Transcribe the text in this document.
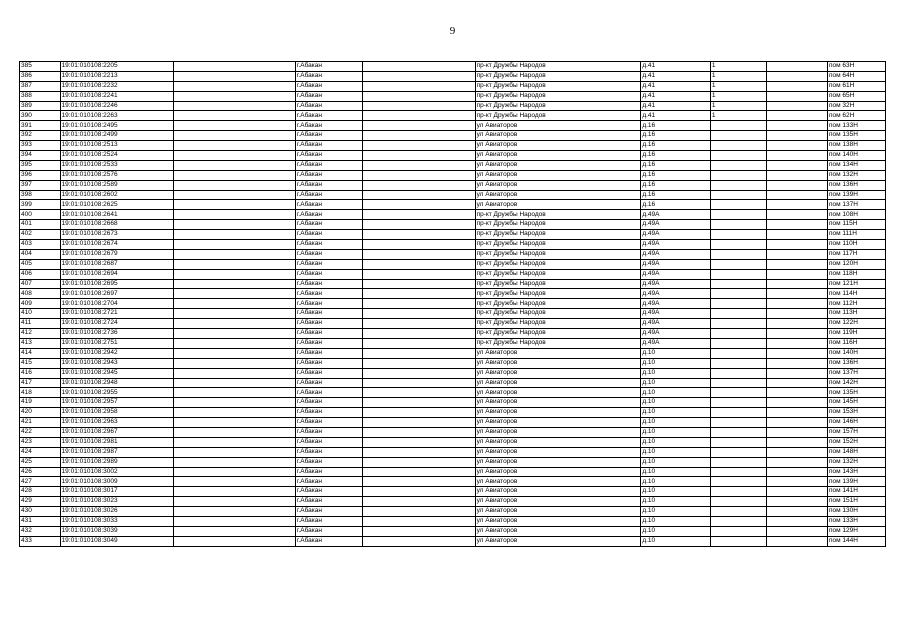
9
385	19:01:010108:2205		г.Абакан		пр-кт Дружбы Народов	д.41	1		пом 63Н
386	19:01:010108:2213		г.Абакан		пр-кт Дружбы Народов	д.41	1		пом 64Н
387	19:01:010108:2232		г.Абакан		пр-кт Дружбы Народов	д.41	1		пом 61Н
388	19:01:010108:2241		г.Абакан		пр-кт Дружбы Народов	д.41	1		пом 65Н
389	19:01:010108:2246		г.Абакан		пр-кт Дружбы Народов	д.41	1		пом 32Н
390	19:01:010108:2263		г.Абакан		пр-кт Дружбы Народов	д.41	1		пом 62Н
391	19:01:010108:2495		г.Абакан		ул Авиаторов	д.16			пом 133Н
392	19:01:010108:2499		г.Абакан		ул Авиаторов	д.16			пом 135Н
393	19:01:010108:2513		г.Абакан		ул Авиаторов	д.16			пом 138Н
394	19:01:010108:2524		г.Абакан		ул Авиаторов	д.16			пом 140Н
395	19:01:010108:2533		г.Абакан		ул Авиаторов	д.16			пом 134Н
396	19:01:010108:2576		г.Абакан		ул Авиаторов	д.16			пом 132Н
397	19:01:010108:2589		г.Абакан		ул Авиаторов	д.16			пом 136Н
398	19:01:010108:2602		г.Абакан		ул Авиаторов	д.16			пом 139Н
399	19:01:010108:2625		г.Абакан		ул Авиаторов	д.16			пом 137Н
400	19:01:010108:2641		г.Абакан		пр-кт Дружбы Народов	д.49А			пом 108Н
401	19:01:010108:2668		г.Абакан		пр-кт Дружбы Народов	д.49А			пом 115Н
402	19:01:010108:2673		г.Абакан		пр-кт Дружбы Народов	д.49А			пом 111Н
403	19:01:010108:2674		г.Абакан		пр-кт Дружбы Народов	д.49А			пом 110Н
404	19:01:010108:2679		г.Абакан		пр-кт Дружбы Народов	д.49А			пом 117Н
405	19:01:010108:2687		г.Абакан		пр-кт Дружбы Народов	д.49А			пом 120Н
406	19:01:010108:2694		г.Абакан		пр-кт Дружбы Народов	д.49А			пом 118Н
407	19:01:010108:2695		г.Абакан		пр-кт Дружбы Народов	д.49А			пом 121Н
408	19:01:010108:2697		г.Абакан		пр-кт Дружбы Народов	д.49А			пом 114Н
409	19:01:010108:2704		г.Абакан		пр-кт Дружбы Народов	д.49А			пом 112Н
410	19:01:010108:2721		г.Абакан		пр-кт Дружбы Народов	д.49А			пом 113Н
411	19:01:010108:2724		г.Абакан		пр-кт Дружбы Народов	д.49А			пом 122Н
412	19:01:010108:2736		г.Абакан		пр-кт Дружбы Народов	д.49А			пом 119Н
413	19:01:010108:2751		г.Абакан		пр-кт Дружбы Народов	д.49А			пом 116Н
414	19:01:010108:2942		г.Абакан		ул Авиаторов	д.10			пом 140Н
415	19:01:010108:2943		г.Абакан		ул Авиаторов	д.10			пом 136Н
416	19:01:010108:2945		г.Абакан		ул Авиаторов	д.10			пом 137Н
417	19:01:010108:2948		г.Абакан		ул Авиаторов	д.10			пом 142Н
418	19:01:010108:2955		г.Абакан		ул Авиаторов	д.10			пом 135Н
419	19:01:010108:2957		г.Абакан		ул Авиаторов	д.10			пом 145Н
420	19:01:010108:2958		г.Абакан		ул Авиаторов	д.10			пом 153Н
421	19:01:010108:2963		г.Абакан		ул Авиаторов	д.10			пом 146Н
422	19:01:010108:2967		г.Абакан		ул Авиаторов	д.10			пом 157Н
423	19:01:010108:2981		г.Абакан		ул Авиаторов	д.10			пом 152Н
424	19:01:010108:2987		г.Абакан		ул Авиаторов	д.10			пом 148Н
425	19:01:010108:2989		г.Абакан		ул Авиаторов	д.10			пом 132Н
426	19:01:010108:3002		г.Абакан		ул Авиаторов	д.10			пом 143Н
427	19:01:010108:3009		г.Абакан		ул Авиаторов	д.10			пом 139Н
428	19:01:010108:3017		г.Абакан		ул Авиаторов	д.10			пом 141Н
429	19:01:010108:3023		г.Абакан		ул Авиаторов	д.10			пом 151Н
430	19:01:010108:3026		г.Абакан		ул Авиаторов	д.10			пом 130Н
431	19:01:010108:3033		г.Абакан		ул Авиаторов	д.10			пом 133Н
432	19:01:010108:3039		г.Абакан		ул Авиаторов	д.10			пом 129Н
433	19:01:010108:3049		г.Абакан		ул Авиаторов	д.10			пом 144Н
